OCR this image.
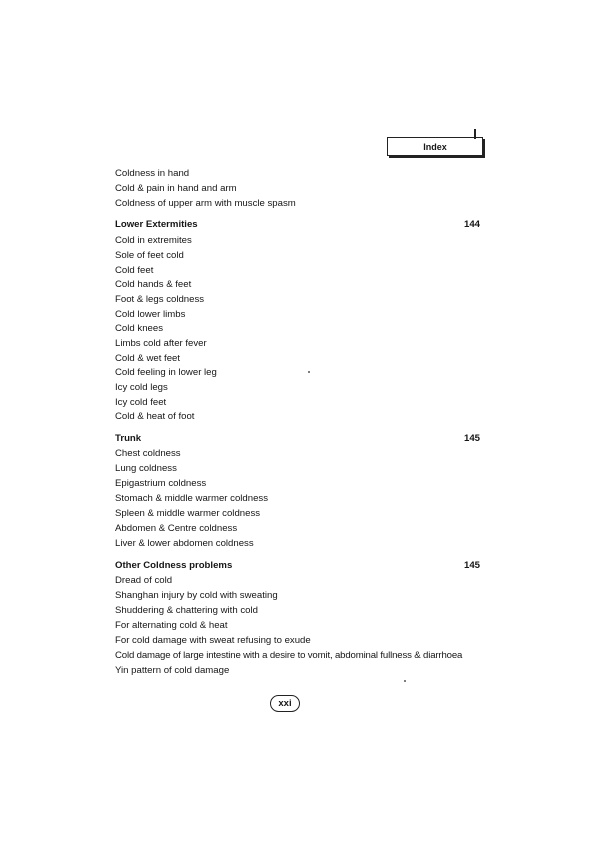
Index
Coldness in hand
Cold & pain in hand and arm
Coldness of upper arm with muscle spasm
Lower Extermities	144
Cold in extremites
Sole of feet cold
Cold feet
Cold hands & feet
Foot & legs coldness
Cold lower limbs
Cold knees
Limbs cold after fever
Cold & wet feet
Cold feeling in lower leg
Icy cold legs
Icy cold feet
Cold & heat of foot
Trunk	145
Chest coldness
Lung coldness
Epigastrium coldness
Stomach & middle warmer coldness
Spleen & middle warmer coldness
Abdomen & Centre coldness
Liver & lower abdomen coldness
Other Coldness problems	145
Dread of cold
Shanghan injury by cold with sweating
Shuddering & chattering with cold
For alternating cold & heat
For cold damage with sweat refusing to exude
Cold damage of large intestine with a desire to vomit, abdominal fullness & diarrhoea
Yin pattern of cold damage
xxi
